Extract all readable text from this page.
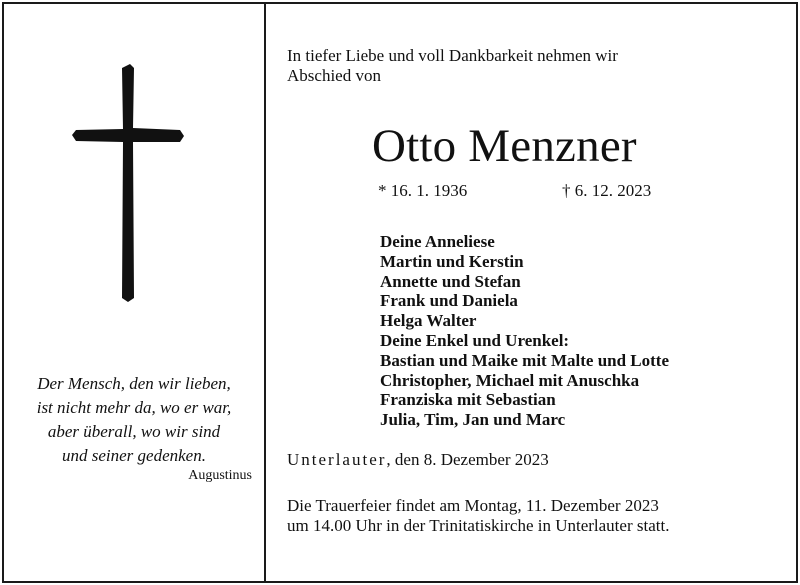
Der Mensch, den wir lieben,
ist nicht mehr da, wo er war,
aber überall, wo wir sind
und seiner gedenken.
Augustinus
In tiefer Liebe und voll Dankbarkeit nehmen wir
Abschied von
Otto Menzner
* 16. 1. 1936	† 6. 12. 2023
Deine Anneliese
Martin und Kerstin
Annette und Stefan
Frank und Daniela
Helga Walter
Deine Enkel und Urenkel:
Bastian und Maike mit Malte und Lotte
Christopher, Michael mit Anuschka
Franziska mit Sebastian
Julia, Tim, Jan und Marc
Unterlauter, den 8. Dezember 2023
Die Trauerfeier findet am Montag, 11. Dezember 2023
um 14.00 Uhr in der Trinitatiskirche in Unterlauter statt.
